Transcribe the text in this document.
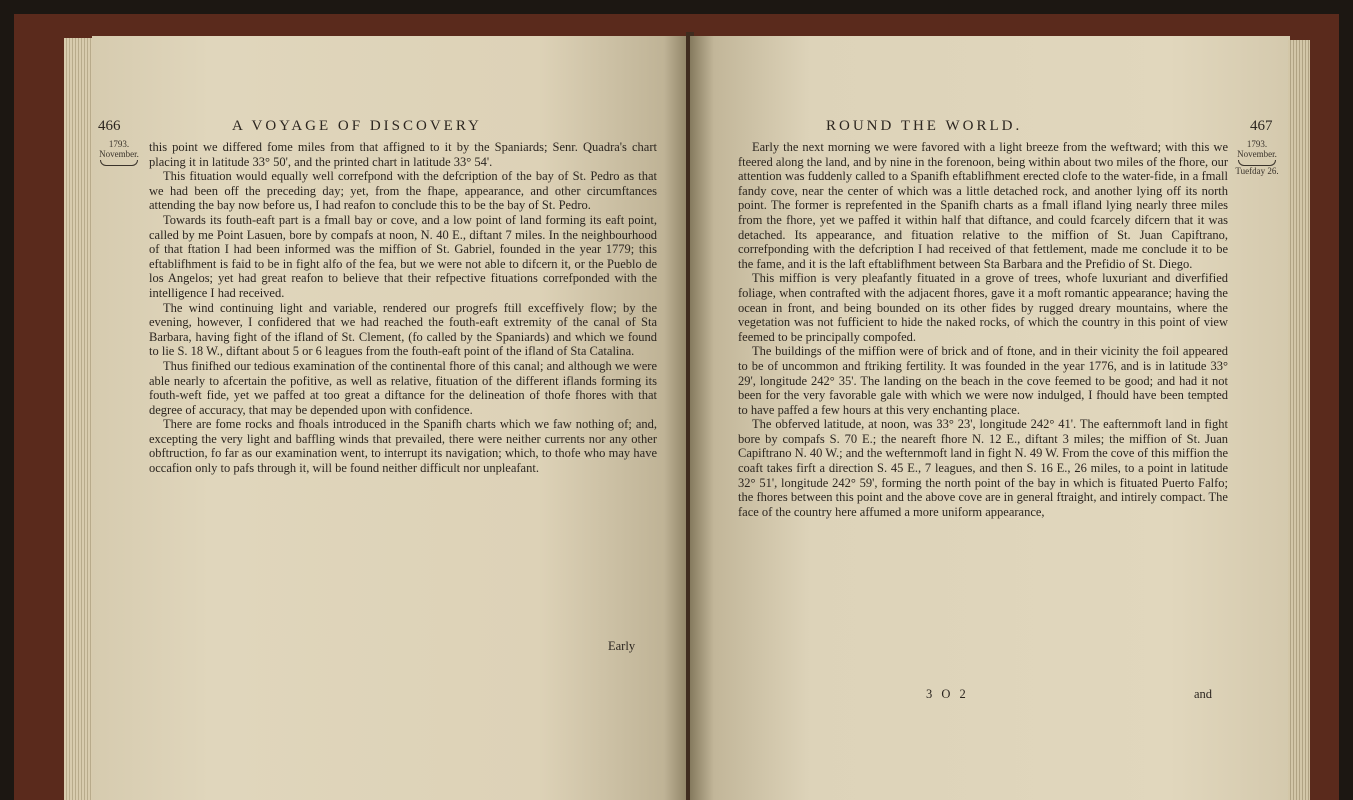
466	A VOYAGE OF DISCOVERY
1793.
November. this point we differed fome miles from that affigned to it by the Spaniards; Senr. Quadra's chart placing it in latitude 33° 50', and the printed chart in latitude 33° 54'.

This fituation would equally well correfpond with the defcription of the bay of St. Pedro as that we had been off the preceding day; yet, from the fhape, appearance, and other circumftances attending the bay now before us, I had reafon to conclude this to be the bay of St. Pedro.

Towards its fouth-eaft part is a fmall bay or cove, and a low point of land forming its eaft point, called by me Point Lasuen, bore by compafs at noon, N. 40 E., diftant 7 miles. In the neighbourhood of that ftation I had been informed was the miffion of St. Gabriel, founded in the year 1779; this eftablifhment is faid to be in fight alfo of the fea, but we were not able to difcern it, or the Pueblo de los Angelos; yet had great reafon to believe that their refpective fituations correfponded with the intelligence I had received.

The wind continuing light and variable, rendered our progrefs ftill exceffively flow; by the evening, however, I confidered that we had reached the fouth-eaft extremity of the canal of Sta Barbara, having fight of the ifland of St. Clement, (fo called by the Spaniards) and which we found to lie S. 18 W., diftant about 5 or 6 leagues from the fouth-eaft point of the ifland of Sta Catalina.

Thus finifhed our tedious examination of the continental fhore of this canal; and although we were able nearly to afcertain the pofitive, as well as relative, fituation of the different iflands forming its fouth-weft fide, yet we paffed at too great a diftance for the delineation of thofe fhores with that degree of accuracy, that may be depended upon with confidence.

There are fome rocks and fhoals introduced in the Spanifh charts which we faw nothing of; and, excepting the very light and baffling winds that prevailed, there were neither currents nor any other obftruction, fo far as our examination went, to interrupt its navigation; which, to thofe who may have occafion only to pafs through it, will be found neither difficult nor unpleafant.

Early
ROUND THE WORLD.	467

Early the next morning we were favored with a light breeze from the weftward; with this we fteered along the land, and by nine in the forenoon, being within about two miles of the fhore, our attention was fuddenly called to a Spanifh eftablifhment erected clofe to the water-fide, in a fmall fandy cove, near the center of which was a little detached rock, and another lying off its north point. The former is reprefented in the Spanifh charts as a fmall ifland lying nearly three miles from the fhore, yet we paffed it within half that diftance, and could fcarcely difcern that it was detached. Its appearance, and fituation relative to the miffion of St. Juan Capiftrano, correfponding with the defcription I had received of that fettlement, made me conclude it to be the fame, and it is the laft eftablifhment between Sta Barbara and the Prefidio of St. Diego.

This miffion is very pleafantly fituated in a grove of trees, whofe luxuriant and diverfified foliage, when contrafted with the adjacent fhores, gave it a moft romantic appearance; having the ocean in front, and being bounded on its other fides by rugged dreary mountains, where the vegetation was not fufficient to hide the naked rocks, of which the country in this point of view feemed to be principally compofed.

The buildings of the miffion were of brick and of ftone, and in their vicinity the foil appeared to be of uncommon and ftriking fertility. It was founded in the year 1776, and is in latitude 33° 29', longitude 242° 35'. The landing on the beach in the cove feemed to be good; and had it not been for the very favorable gale with which we were now indulged, I fhould have been tempted to have paffed a few hours at this very enchanting place.

The obferved latitude, at noon, was 33° 23', longitude 242° 41'. The eafternmoft land in fight bore by compafs S. 70 E.; the neareft fhore N. 12 E., diftant 3 miles; the miffion of St. Juan Capiftrano N. 40 W.; and the wefternmoft land in fight N. 49 W. From the cove of this miffion the coaft takes firft a direction S. 45 E., 7 leagues, and then S. 16 E., 26 miles, to a point in latitude 32° 51', longitude 242° 59', forming the north point of the bay in which is fituated Puerto Falfo; the fhores between this point and the above cove are in general ftraight, and intirely compact. The face of the country here affumed a more uniform appearance,

1793.
November.
Tuefday 26.
3 O 2	and
